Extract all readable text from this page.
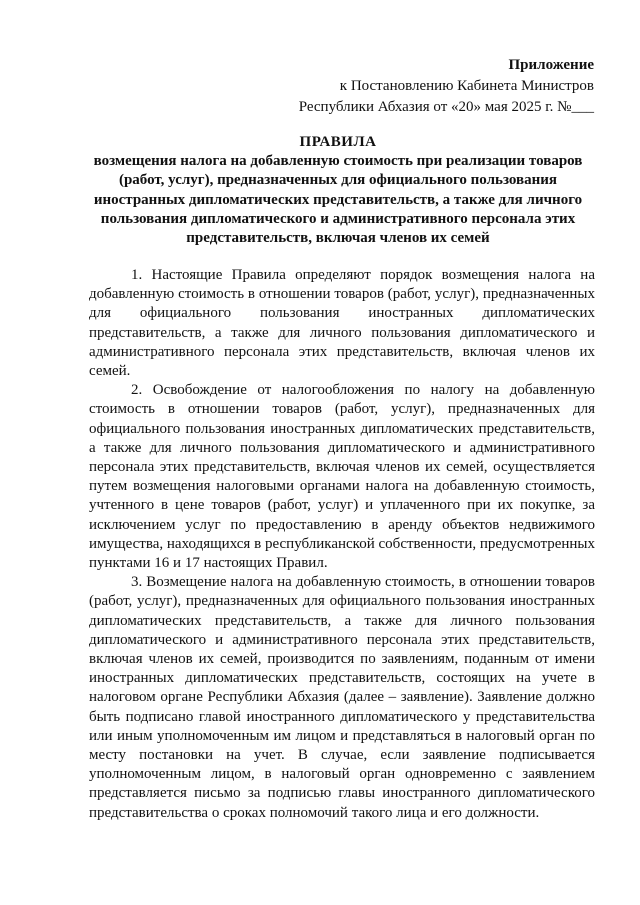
Приложение
к Постановлению Кабинета Министров
Республики Абхазия от «20» мая 2025 г. №___
ПРАВИЛА
возмещения налога на добавленную стоимость при реализации товаров (работ, услуг), предназначенных для официального пользования иностранных дипломатических представительств, а также для личного пользования дипломатического и административного персонала этих представительств, включая членов их семей

1. Настоящие Правила определяют порядок возмещения налога на добавленную стоимость в отношении товаров (работ, услуг), предназначенных для официального пользования иностранных дипломатических представительств, а также для личного пользования дипломатического и административного персонала этих представительств, включая членов их семей.

2. Освобождение от налогообложения по налогу на добавленную стоимость в отношении товаров (работ, услуг), предназначенных для официального пользования иностранных дипломатических представительств, а также для личного пользования дипломатического и административного персонала этих представительств, включая членов их семей, осуществляется путем возмещения налоговыми органами налога на добавленную стоимость, учтенного в цене товаров (работ, услуг) и уплаченного при их покупке, за исключением услуг по предоставлению в аренду объектов недвижимого имущества, находящихся в республиканской собственности, предусмотренных пунктами 16 и 17 настоящих Правил.

3. Возмещение налога на добавленную стоимость, в отношении товаров (работ, услуг), предназначенных для официального пользования иностранных дипломатических представительств, а также для личного пользования дипломатического и административного персонала этих представительств, включая членов их семей, производится по заявлениям, поданным от имени иностранных дипломатических представительств, состоящих на учете в налоговом органе Республики Абхазия (далее – заявление). Заявление должно быть подписано главой иностранного дипломатического у представительства или иным уполномоченным им лицом и представляться в налоговый орган по месту постановки на учет. В случае, если заявление подписывается уполномоченным лицом, в налоговый орган одновременно с заявлением представляется письмо за подписью главы иностранного дипломатического представительства о сроках полномочий такого лица и его должности.
